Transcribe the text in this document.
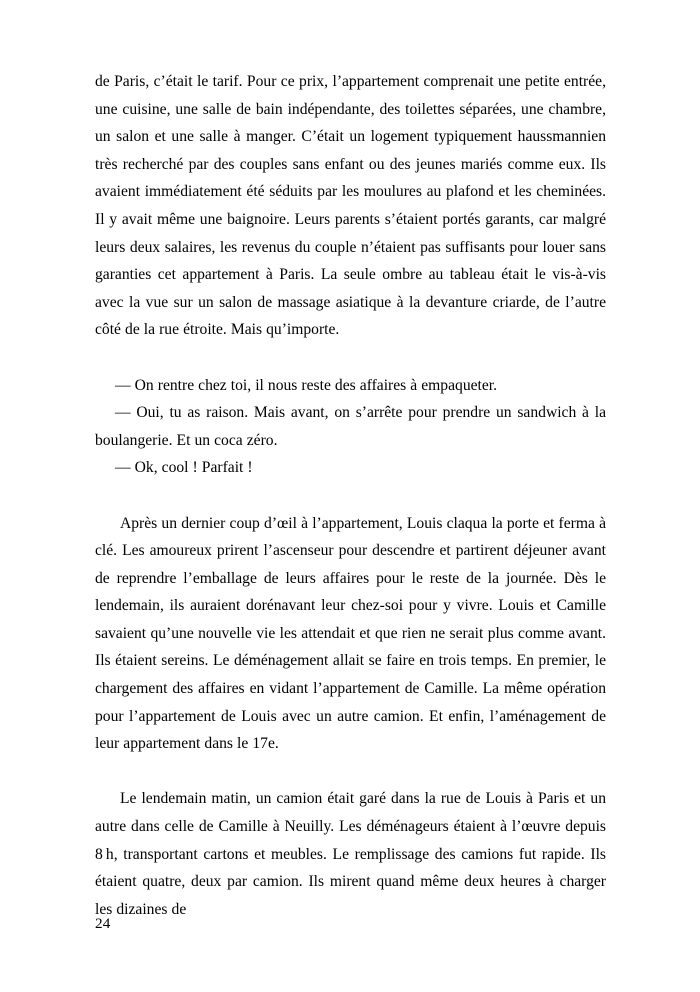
de Paris, c’était le tarif. Pour ce prix, l’appartement comprenait une petite entrée, une cuisine, une salle de bain indépendante, des toilettes séparées, une chambre, un salon et une salle à manger. C’était un logement typiquement haussmannien très recherché par des couples sans enfant ou des jeunes mariés comme eux. Ils avaient immédiatement été séduits par les moulures au plafond et les cheminées. Il y avait même une baignoire. Leurs parents s’étaient portés garants, car malgré leurs deux salaires, les revenus du couple n’étaient pas suffisants pour louer sans garanties cet appartement à Paris. La seule ombre au tableau était le vis-à-vis avec la vue sur un salon de massage asiatique à la devanture criarde, de l’autre côté de la rue étroite. Mais qu’importe.

— On rentre chez toi, il nous reste des affaires à empaqueter.

— Oui, tu as raison. Mais avant, on s’arrête pour prendre un sandwich à la boulangerie. Et un coca zéro.

— Ok, cool ! Parfait !

Après un dernier coup d’œil à l’appartement, Louis claqua la porte et ferma à clé. Les amoureux prirent l’ascenseur pour descendre et partirent déjeuner avant de reprendre l’emballage de leurs affaires pour le reste de la journée. Dès le lendemain, ils auraient dorénavant leur chez-soi pour y vivre. Louis et Camille savaient qu’une nouvelle vie les attendait et que rien ne serait plus comme avant. Ils étaient sereins. Le déménagement allait se faire en trois temps. En premier, le chargement des affaires en vidant l’appartement de Camille. La même opération pour l’appartement de Louis avec un autre camion. Et enfin, l’aménagement de leur appartement dans le 17e.

Le lendemain matin, un camion était garé dans la rue de Louis à Paris et un autre dans celle de Camille à Neuilly. Les déménageurs étaient à l’œuvre depuis 8 h, transportant cartons et meubles. Le remplissage des camions fut rapide. Ils étaient quatre, deux par camion. Ils mirent quand même deux heures à charger les dizaines de

24
